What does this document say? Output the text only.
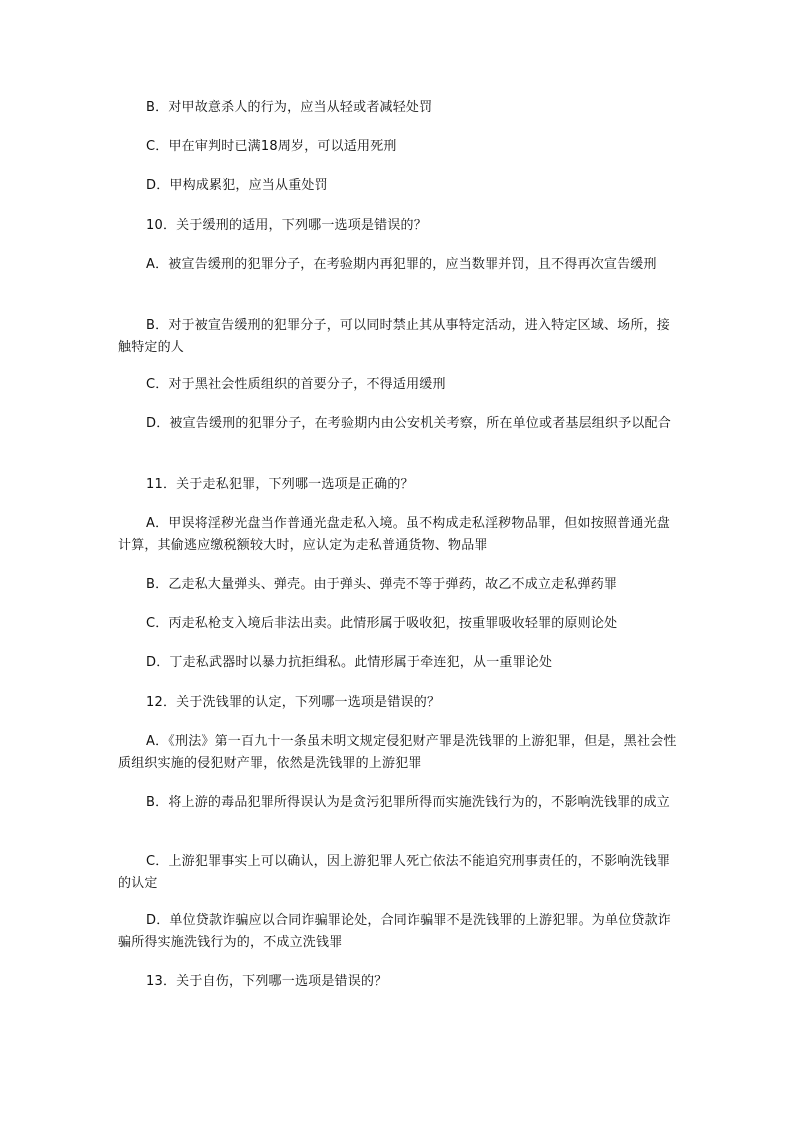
B．对甲故意杀人的行为，应当从轻或者减轻处罚

C．甲在审判时已满18周岁，可以适用死刑

D．甲构成累犯，应当从重处罚

10．关于缓刑的适用，下列哪一选项是错误的？

A．被宣告缓刑的犯罪分子，在考验期内再犯罪的，应当数罪并罚，且不得再次宣告缓刑

B．对于被宣告缓刑的犯罪分子，可以同时禁止其从事特定活动，进入特定区域、场所，接触特定的人

C．对于黑社会性质组织的首要分子，不得适用缓刑

D．被宣告缓刑的犯罪分子，在考验期内由公安机关考察，所在单位或者基层组织予以配合

11．关于走私犯罪，下列哪一选项是正确的？

A．甲误将淫秽光盘当作普通光盘走私入境。虽不构成走私淫秽物品罪，但如按照普通光盘计算，其偷逃应缴税额较大时，应认定为走私普通货物、物品罪

B．乙走私大量弹头、弹壳。由于弹头、弹壳不等于弹药，故乙不成立走私弹药罪

C．丙走私枪支入境后非法出卖。此情形属于吸收犯，按重罪吸收轻罪的原则论处

D．丁走私武器时以暴力抗拒缉私。此情形属于牵连犯，从一重罪论处

12．关于洗钱罪的认定，下列哪一选项是错误的？

A．《刑法》第一百九十一条虽未明文规定侵犯财产罪是洗钱罪的上游犯罪，但是，黑社会性质组织实施的侵犯财产罪，依然是洗钱罪的上游犯罪

B．将上游的毒品犯罪所得误认为是贪污犯罪所得而实施洗钱行为的，不影响洗钱罪的成立

C．上游犯罪事实上可以确认，因上游犯罪人死亡依法不能追究刑事责任的，不影响洗钱罪的认定

D．单位贷款诈骗应以合同诈骗罪论处，合同诈骗罪不是洗钱罪的上游犯罪。为单位贷款诈骗所得实施洗钱行为的，不成立洗钱罪

13．关于自伤，下列哪一选项是错误的？
